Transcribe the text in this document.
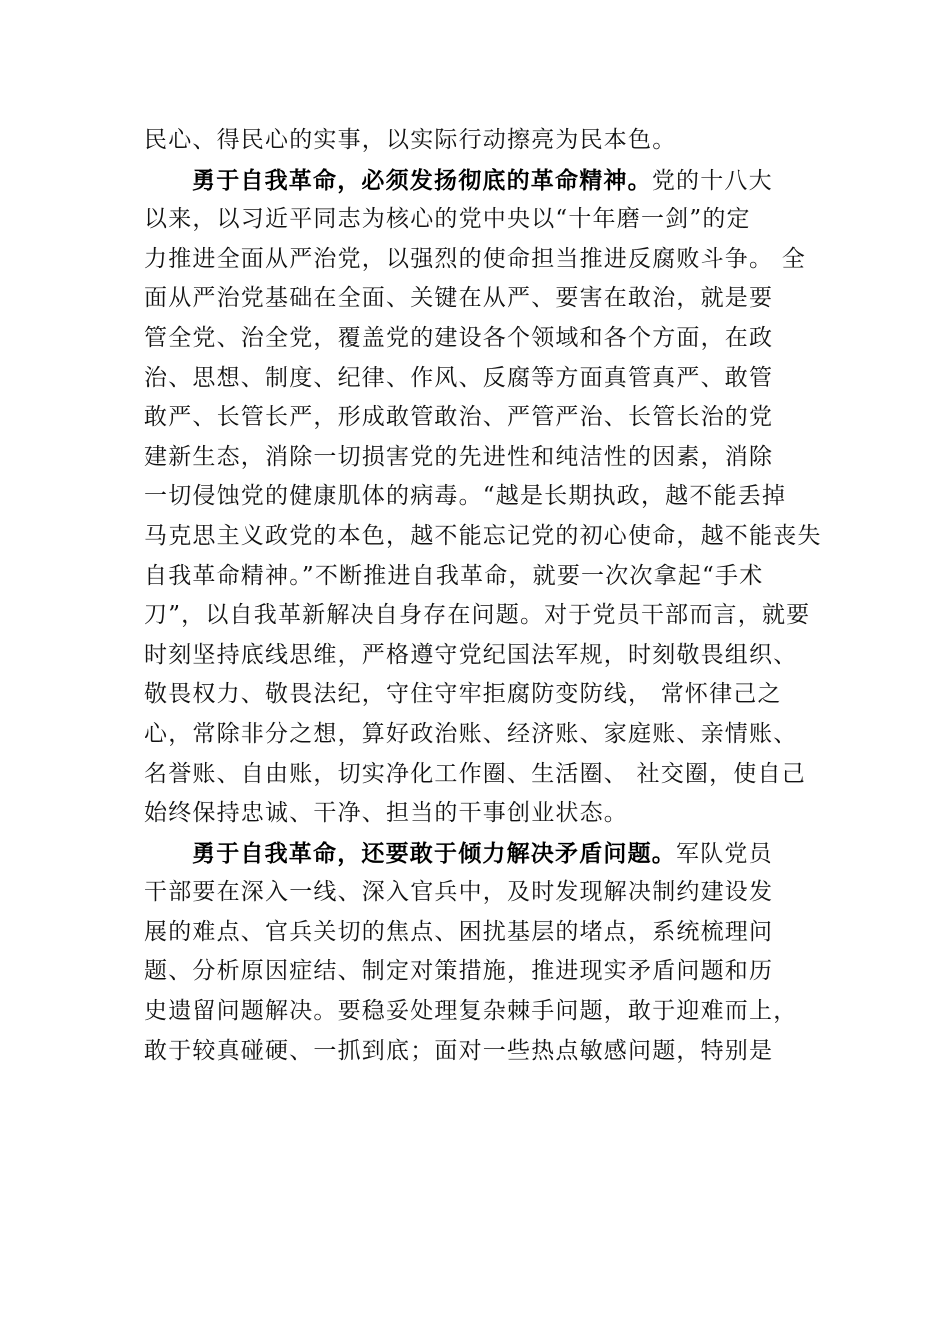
民心、得民心的实事，以实际行动擦亮为民本色。
勇于自我革命，必须发扬彻底的革命精神。党的十八大
以来，以习近平同志为核心的党中央以“十年磨一剑”的定
力推进全面从严治党，以强烈的使命担当推进反腐败斗争。 全
面从严治党基础在全面、关键在从严、要害在敢治，就是要
管全党、治全党，覆盖党的建设各个领域和各个方面，在政
治、思想、制度、纪律、作风、反腐等方面真管真严、敢管
敢严、长管长严，形成敢管敢治、严管严治、长管长治的党
建新生态，消除一切损害党的先进性和纯洁性的因素，消除
一切侵蚀党的健康肌体的病毒。“越是长期执政，越不能丢掉
马克思主义政党的本色，越不能忘记党的初心使命，越不能丧失
自我革命精神。”不断推进自我革命，就要一次次拿起“手术
刀”，以自我革新解决自身存在问题。对于党员干部而言，就要
时刻坚持底线思维，严格遵守党纪国法军规，时刻敬畏组织、
敬畏权力、敬畏法纪，守住守牢拒腐防变防线， 常怀律己之
心，常除非分之想，算好政治账、经济账、家庭账、亲情账、
名誉账、自由账，切实净化工作圈、生活圈、 社交圈，使自己
始终保持忠诚、干净、担当的干事创业状态。
勇于自我革命，还要敢于倾力解决矛盾问题。军队党员
干部要在深入一线、深入官兵中，及时发现解决制约建设发
展的难点、官兵关切的焦点、困扰基层的堵点，系统梳理问
题、分析原因症结、制定对策措施，推进现实矛盾问题和历
史遗留问题解决。要稳妥处理复杂棘手问题，敢于迎难而上，
敢于较真碰硬、一抓到底；面对一些热点敏感问题，特别是
